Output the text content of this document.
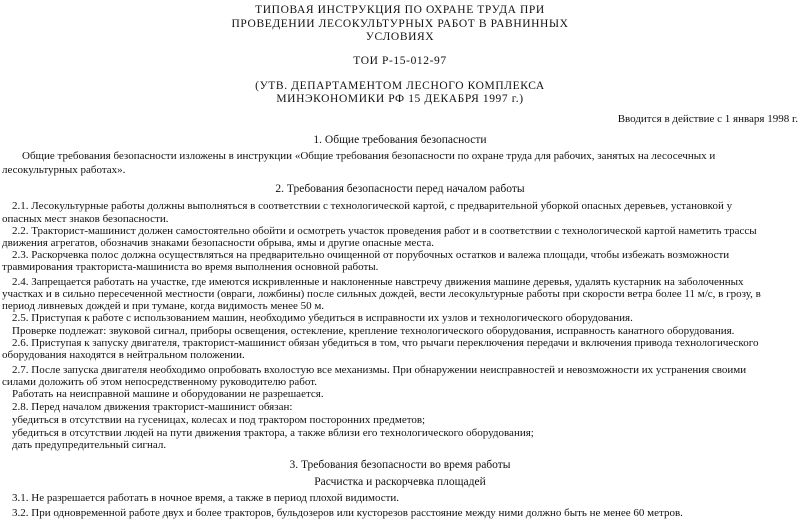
ТИПОВАЯ ИНСТРУКЦИЯ ПО ОХРАНЕ ТРУДА ПРИ
ПРОВЕДЕНИИ ЛЕСОКУЛЬТУРНЫХ РАБОТ В РАВНИННЫХ
УСЛОВИЯХ
ТОИ Р-15-012-97
(УТВ. ДЕПАРТАМЕНТОМ ЛЕСНОГО КОМПЛЕКСА
МИНЭКОНОМИКИ РФ 15 ДЕКАБРЯ 1997 г.)
Вводится в действие с 1 января 1998 г.
1. Общие требования безопасности
Общие требования безопасности изложены в инструкции «Общие требования безопасности по охране труда для рабочих, занятых на лесосечных и
лесокультурных работах».
2. Требования безопасности перед началом работы
2.1. Лесокультурные работы должны выполняться в соответствии с технологической картой, с предварительной уборкой опасных деревьев, установкой у
опасных мест знаков безопасности.
2.2. Тракторист-машинист должен самостоятельно обойти и осмотреть участок проведения работ и в соответствии с технологической картой наметить трассы
движения агрегатов, обозначив знаками безопасности обрыва, ямы и другие опасные места.
2.3. Раскорчевка полос должна осуществляться на предварительно очищенной от порубочных остатков и валежа площади, чтобы избежать возможности
травмирования тракториста-машиниста во время выполнения основной работы.
2.4. Запрещается работать на участке, где имеются искривленные и наклоненные навстречу движения машине деревья, удалять кустарник на заболоченных
участках и в сильно пересеченной местности (овраги, ложбины) после сильных дождей, вести лесокультурные работы при скорости ветра более 11 м/с, в грозу, в
период ливневых дождей и при тумане, когда видимость менее 50 м.
2.5. Приступая к работе с использованием машин, необходимо убедиться в исправности их узлов и технологического оборудования.
Проверке подлежат: звуковой сигнал, приборы освещения, остекление, крепление технологического оборудования, исправность канатного оборудования.
2.6. Приступая к запуску двигателя, тракторист-машинист обязан убедиться в том, что рычаги переключения передачи и включения привода технологического
оборудования находятся в нейтральном положении.
2.7. После запуска двигателя необходимо опробовать вхолостую все механизмы. При обнаружении неисправностей и невозможности их устранения своими
силами доложить об этом непосредственному руководителю работ.
Работать на неисправной машине и оборудовании не разрешается.
2.8. Перед началом движения тракторист-машинист обязан:
убедиться в отсутствии на гусеницах, колесах и под трактором посторонних предметов;
убедиться в отсутствии людей на пути движения трактора, а также вблизи его технологического оборудования;
дать предупредительный сигнал.
3. Требования безопасности во время работы
Расчистка и раскорчевка площадей
3.1. Не разрешается работать в ночное время, а также в период плохой видимости.
3.2. При одновременной работе двух и более тракторов, бульдозеров или кусторезов расстояние между ними должно быть не менее 60 метров.
